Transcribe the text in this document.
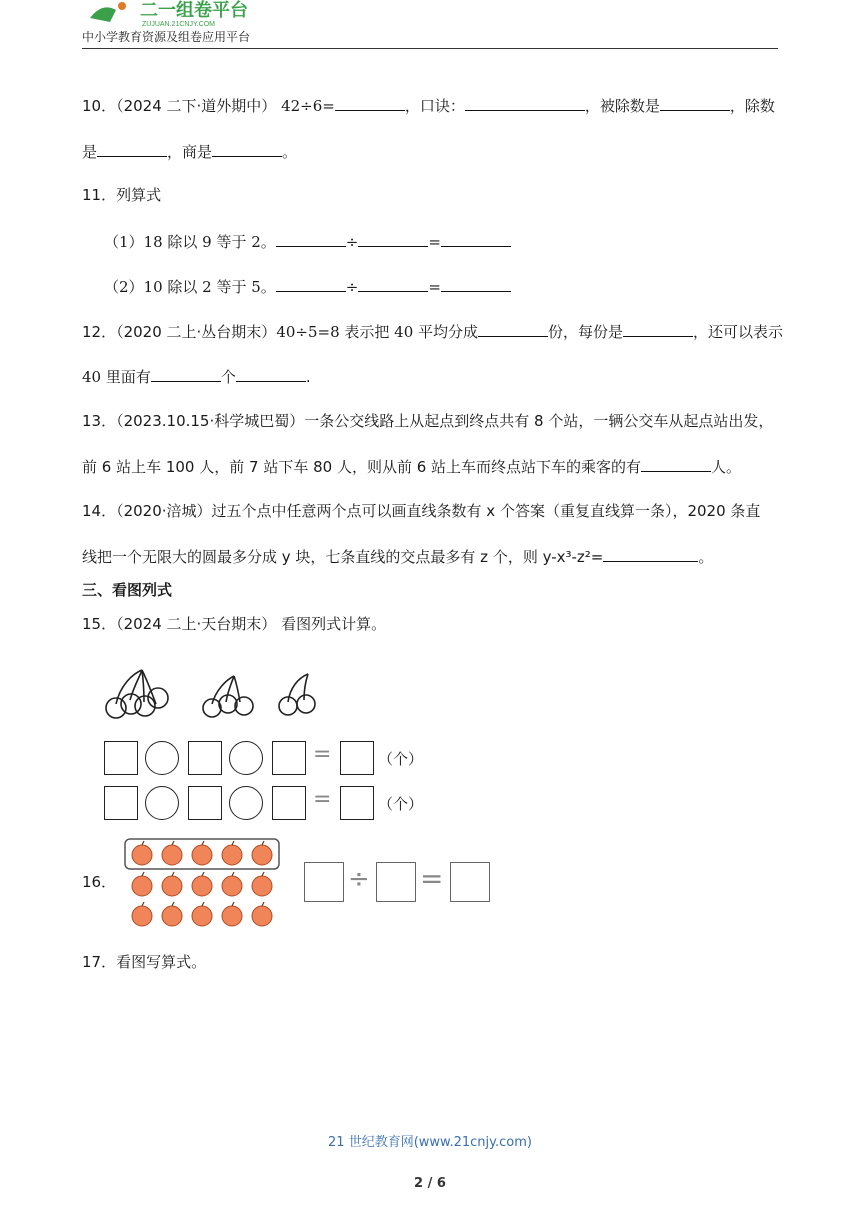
二一组卷平台
ZUJUAN.21CNJY.COM
中小学教育资源及组卷应用平台
10．（2024 二下·道外期中） 42÷6=	，口诀：	，被除数是	，除数
是	，商是	。
11．列算式
（1）18 除以 9 等于 2。	÷	=
（2）10 除以 2 等于 5。	÷	=
12．（2020 二上·丛台期末）40÷5=8 表示把 40 平均分成	份，每份是	，还可以表示
40 里面有	个	.
13．（2023.10.15·科学城巴蜀）一条公交线路上从起点到终点共有 8 个站，一辆公交车从起点站出发，
前 6 站上车 100 人，前 7 站下车 80 人，则从前 6 站上车而终点站下车的乘客的有	人。
14．（2020·涪城）过五个点中任意两个点可以画直线条数有 x 个答案（重复直线算一条），2020 条直
线把一个无限大的圆最多分成 y 块，七条直线的交点最多有 z 个，则 y-x³-z²=	。
三、看图列式
15．（2024 二上·天台期末） 看图列式计算。
=	（个）
=	（个）
16．	÷ =
17．看图写算式。
21 世纪教育网(www.21cnjy.com)
2 / 6
